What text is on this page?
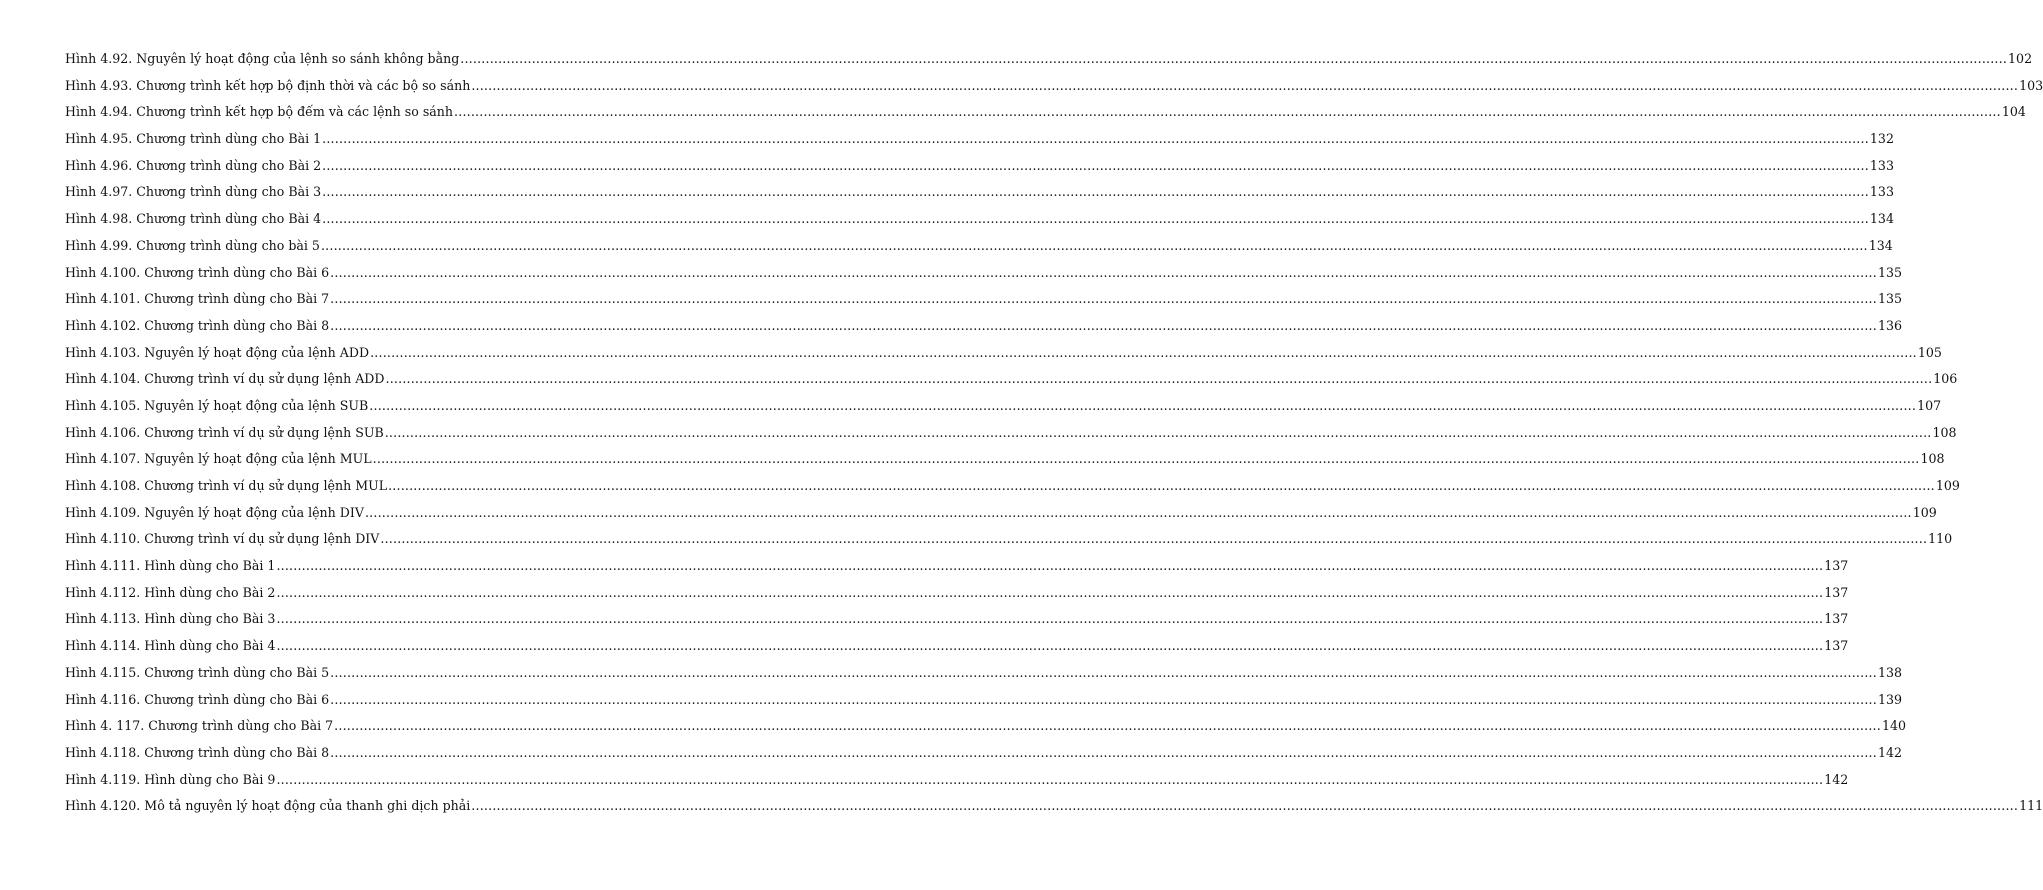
Hình 4.92. Nguyên lý hoạt động của lệnh so sánh không bằng .....	102
Hình 4.93. Chương trình kết hợp bộ định thời và các bộ so sánh .....	103
Hình 4.94. Chương trình kết hợp bộ đếm và các lệnh so sánh .....	104
Hình 4.95. Chương trình dùng cho Bài 1 .....	132
Hình 4.96. Chương trình dùng cho Bài 2 .....	133
Hình 4.97. Chương trình dùng cho Bài 3 .....	133
Hình 4.98. Chương trình dùng cho Bài 4 .....	134
Hình 4.99. Chương trình dùng cho bài 5 .....	134
Hình 4.100. Chương trình dùng cho Bài 6 .....	135
Hình 4.101. Chương trình dùng cho Bài 7 .....	135
Hình 4.102. Chương trình dùng cho Bài 8 .....	136
Hình 4.103. Nguyên lý hoạt động của lệnh ADD .....	105
Hình 4.104. Chương trình ví dụ sử dụng lệnh ADD .....	106
Hình 4.105. Nguyên lý hoạt động của lệnh SUB .....	107
Hình 4.106. Chương trình ví dụ sử dụng lệnh SUB .....	108
Hình 4.107. Nguyên lý hoạt động của lệnh MUL .....	108
Hình 4.108. Chương trình ví dụ sử dụng lệnh MUL .....	109
Hình 4.109. Nguyên lý hoạt động của lệnh DIV .....	109
Hình 4.110. Chương trình ví dụ sử dụng lệnh DIV .....	110
Hình 4.111. Hình dùng cho Bài 1 .....	137
Hình 4.112. Hình dùng cho Bài 2 .....	137
Hình 4.113. Hình dùng cho Bài 3 .....	137
Hình 4.114. Hình dùng cho Bài 4 .....	137
Hình 4.115. Chương trình dùng cho Bài 5 .....	138
Hình 4.116. Chương trình dùng cho Bài 6 .....	139
Hình 4. 117. Chương trình dùng cho Bài 7 .....	140
Hình 4.118. Chương trình dùng cho Bài 8 .....	142
Hình 4.119. Hình dùng cho Bài 9 .....	142
Hình 4.120. Mô tả nguyên lý hoạt động của thanh ghi dịch phải .....	111
